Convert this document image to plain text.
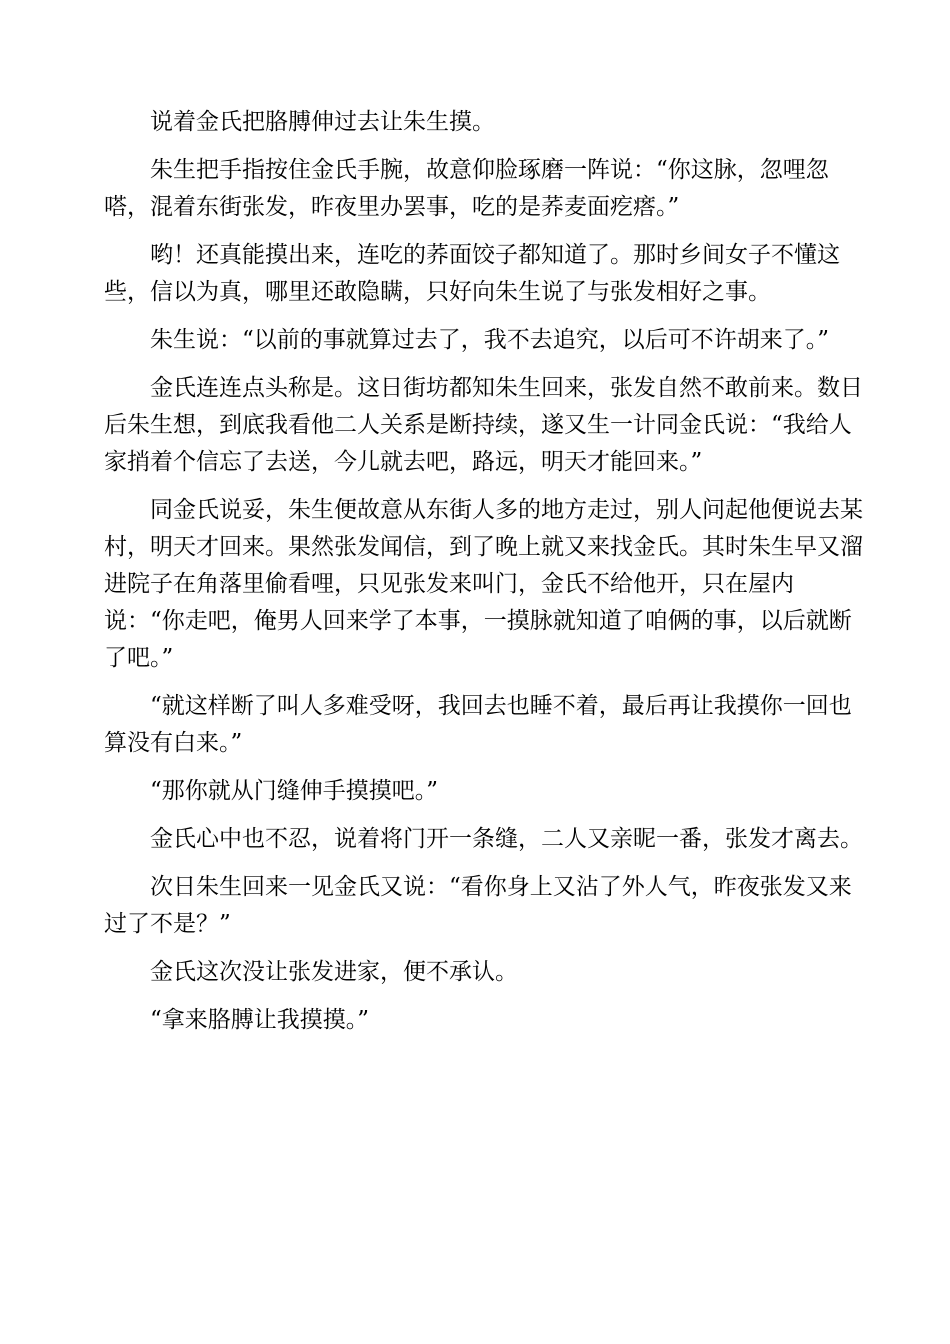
说着金氏把胳膊伸过去让朱生摸。

朱生把手指按住金氏手腕，故意仰脸琢磨一阵说：“你这脉，忽哩忽嗒，混着东街张发，昨夜里办罢事，吃的是荞麦面疙瘩。”

哟！还真能摸出来，连吃的荞面饺子都知道了。那时乡间女子不懂这些，信以为真，哪里还敢隐瞒，只好向朱生说了与张发相好之事。

朱生说：“以前的事就算过去了，我不去追究，以后可不许胡来了。”

金氏连连点头称是。这日街坊都知朱生回来，张发自然不敢前来。数日后朱生想，到底我看他二人关系是断持续，遂又生一计同金氏说：“我给人家捎着个信忘了去送，今儿就去吧，路远，明天才能回来。”

同金氏说妥，朱生便故意从东街人多的地方走过，别人问起他便说去某村，明天才回来。果然张发闻信，到了晚上就又来找金氏。其时朱生早又溜进院子在角落里偷看哩，只见张发来叫门，金氏不给他开，只在屋内说：“你走吧，俺男人回来学了本事，一摸脉就知道了咱俩的事，以后就断了吧。”

“就这样断了叫人多难受呀，我回去也睡不着，最后再让我摸你一回也算没有白来。”

“那你就从门缝伸手摸摸吧。”

金氏心中也不忍，说着将门开一条缝，二人又亲昵一番，张发才离去。

次日朱生回来一见金氏又说：“看你身上又沾了外人气，昨夜张发又来过了不是？”

金氏这次没让张发进家，便不承认。

“拿来胳膊让我摸摸。”
